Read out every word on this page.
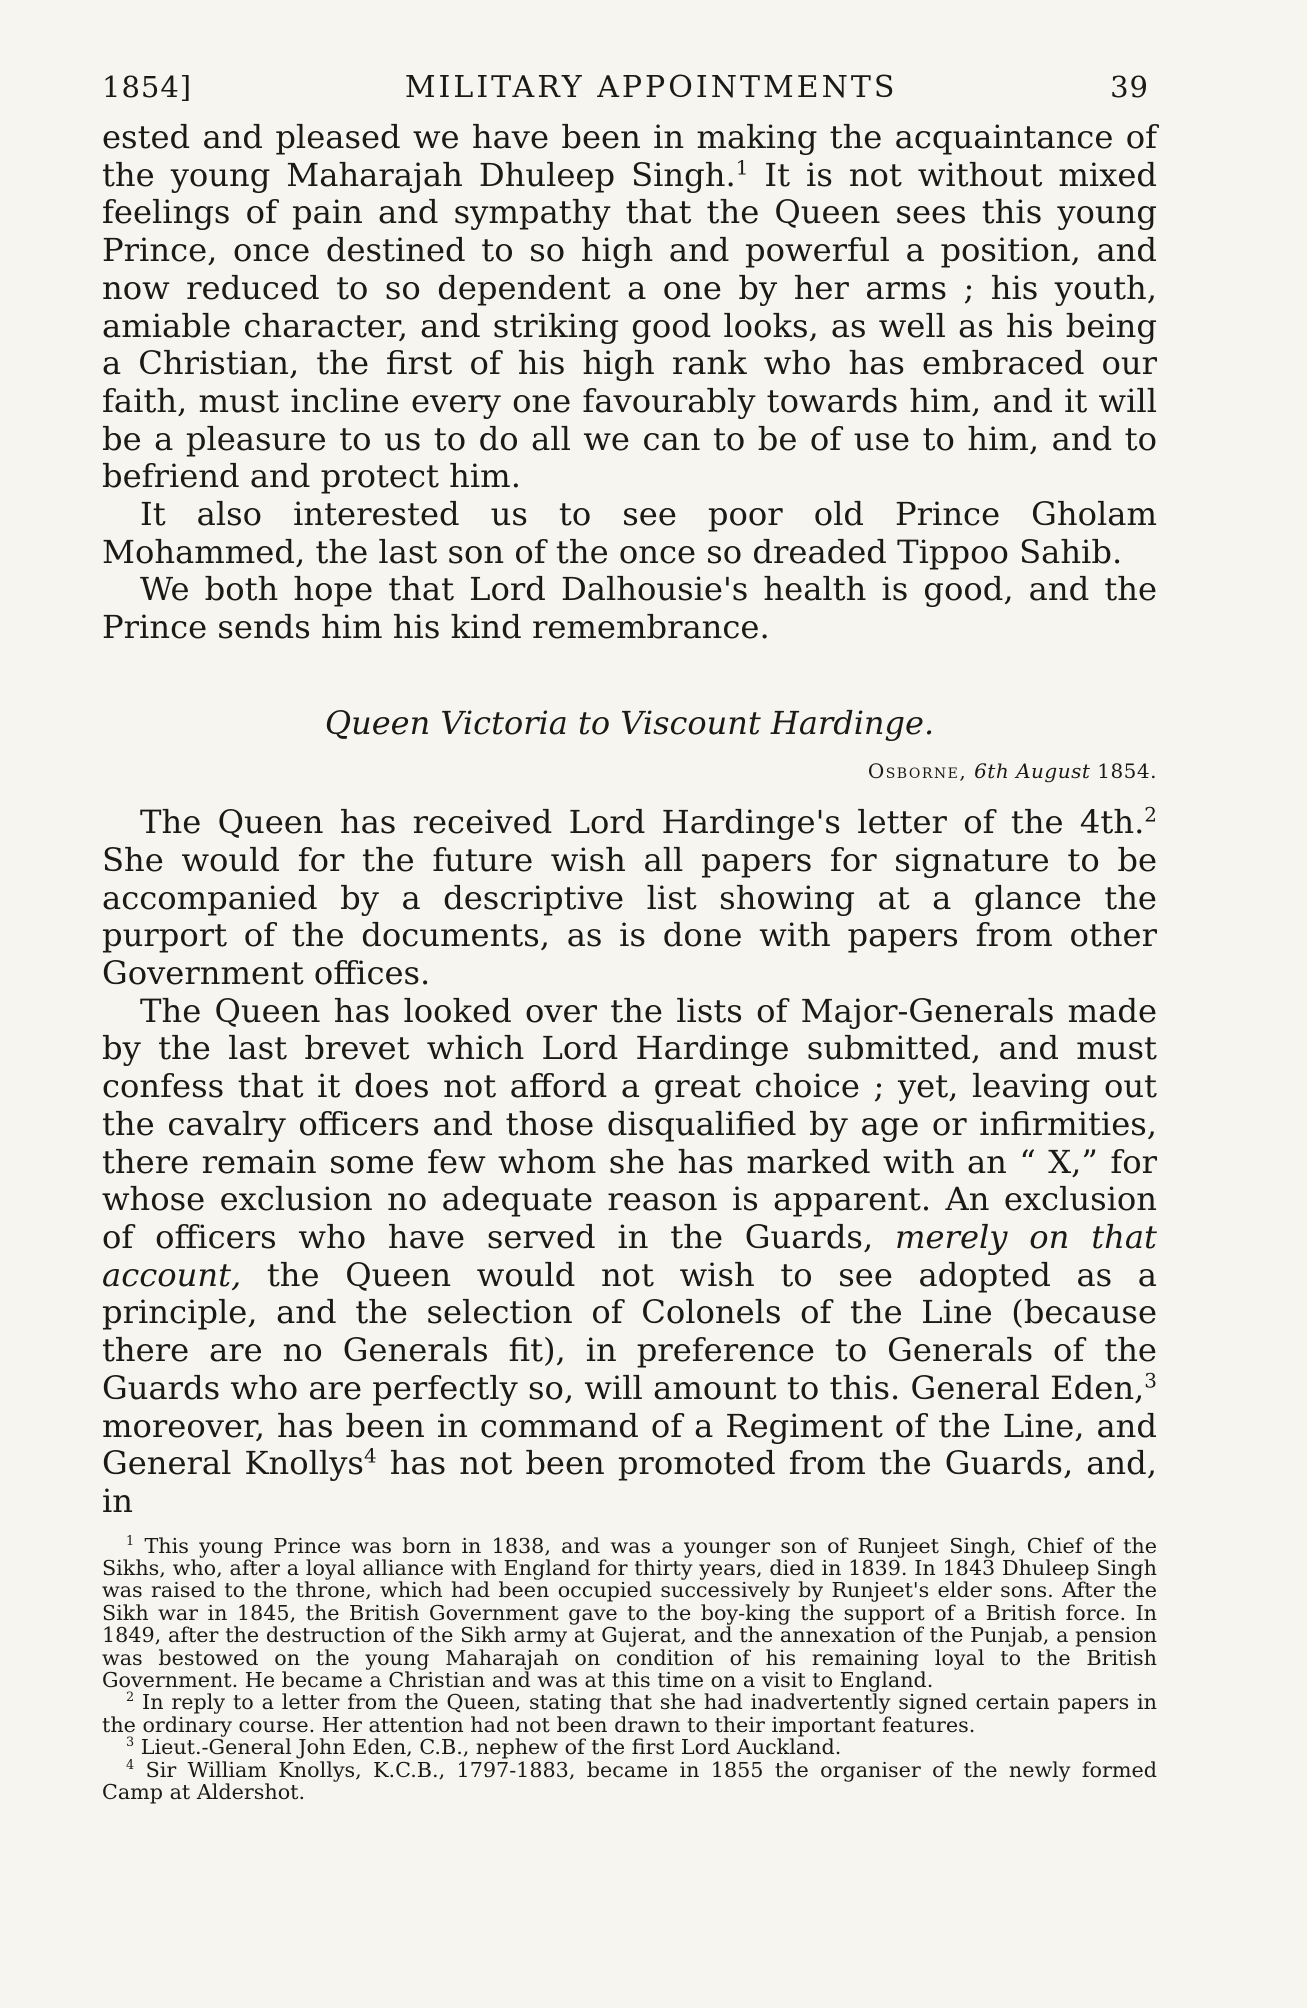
1854]	MILITARY APPOINTMENTS	39

ested and pleased we have been in making the acquaintance of the young Maharajah Dhuleep Singh.$^1$ It is not without mixed feelings of pain and sympathy that the Queen sees this young Prince, once destined to so high and powerful a position, and now reduced to so dependent a one by her arms ; his youth, amiable character, and striking good looks, as well as his being a Christian, the first of his high rank who has embraced our faith, must incline every one favourably towards him, and it will be a pleasure to us to do all we can to be of use to him, and to befriend and protect him.

It also interested us to see poor old Prince Gholam Mohammed, the last son of the once so dreaded Tippoo Sahib.

We both hope that Lord Dalhousie's health is good, and the Prince sends him his kind remembrance.

Queen Victoria to Viscount Hardinge.
Osborne, 6th August 1854.

The Queen has received Lord Hardinge's letter of the 4th.$^2$ She would for the future wish all papers for signature to be accompanied by a descriptive list showing at a glance the purport of the documents, as is done with papers from other Government offices.

The Queen has looked over the lists of Major-Generals made by the last brevet which Lord Hardinge submitted, and must confess that it does not afford a great choice ; yet, leaving out the cavalry officers and those disqualified by age or infirmities, there remain some few whom she has marked with an “ X,” for whose exclusion no adequate reason is apparent. An exclusion of officers who have served in the Guards, merely on that account, the Queen would not wish to see adopted as a principle, and the selection of Colonels of the Line (because there are no Generals fit), in preference to Generals of the Guards who are perfectly so, will amount to this. General Eden,$^3$ moreover, has been in command of a Regiment of the Line, and General Knollys$^4$ has not been promoted from the Guards, and, in

$^1$ This young Prince was born in 1838, and was a younger son of Runjeet Singh, Chief of the Sikhs, who, after a loyal alliance with England for thirty years, died in 1839. In 1843 Dhuleep Singh was raised to the throne, which had been occupied successively by Runjeet's elder sons. After the Sikh war in 1845, the British Government gave to the boy-king the support of a British force. In 1849, after the destruction of the Sikh army at Gujerat, and the annexation of the Punjab, a pension was bestowed on the young Maharajah on condition of his remaining loyal to the British Government. He became a Christian and was at this time on a visit to England.

$^2$ In reply to a letter from the Queen, stating that she had inadvertently signed certain papers in the ordinary course. Her attention had not been drawn to their important features.

$^3$ Lieut.-General John Eden, C.B., nephew of the first Lord Auckland.

$^4$ Sir William Knollys, K.C.B., 1797-1883, became in 1855 the organiser of the newly formed Camp at Aldershot.
